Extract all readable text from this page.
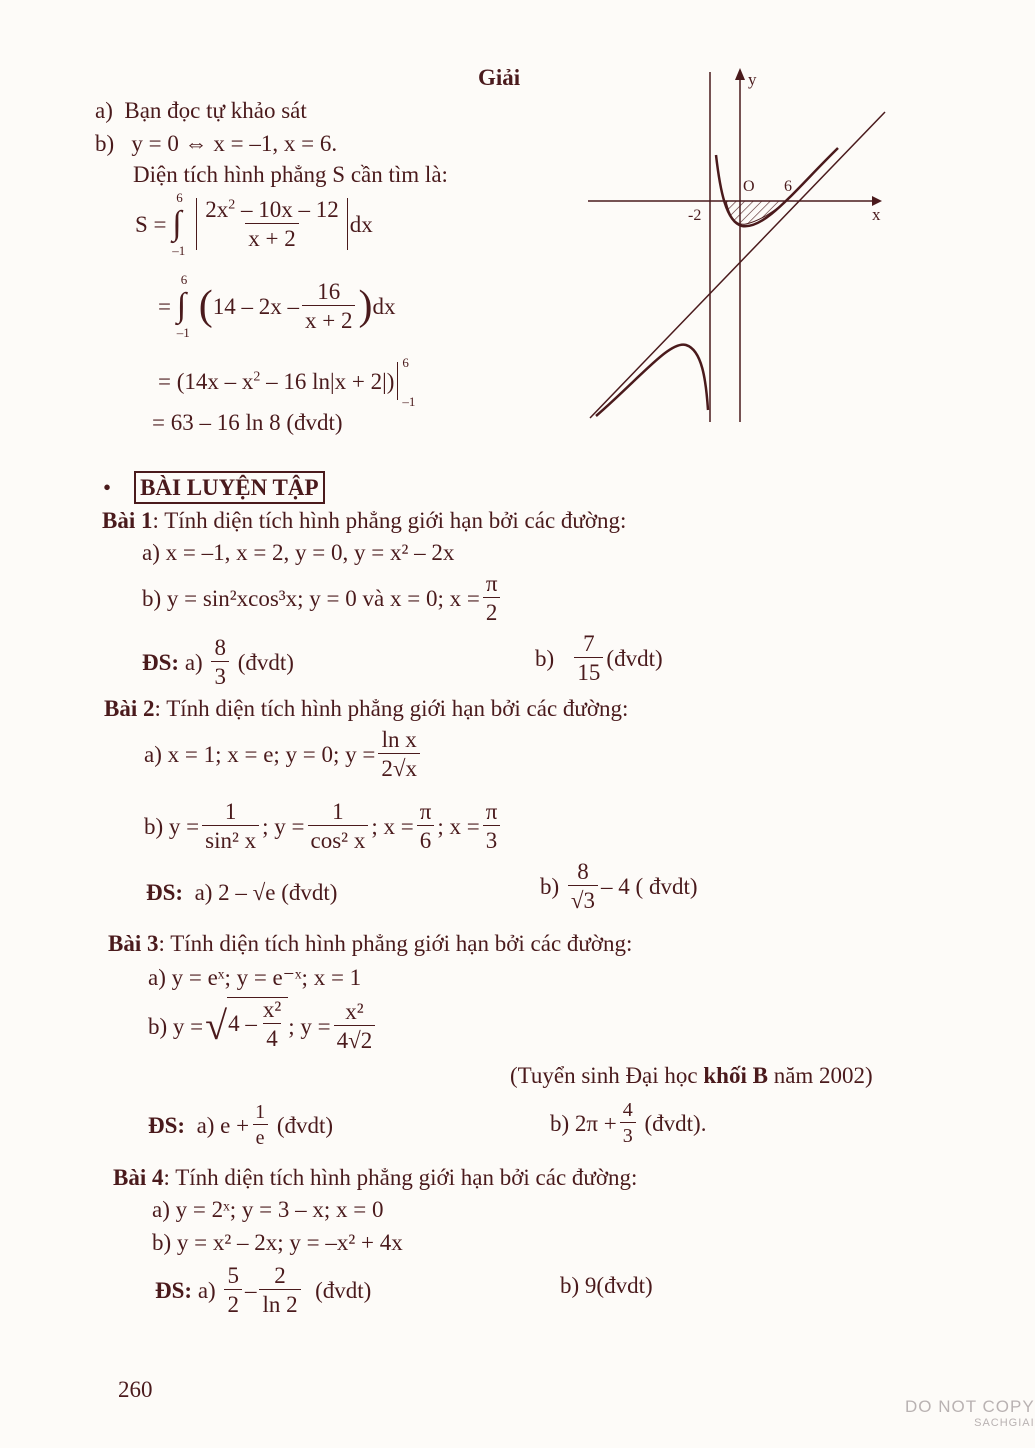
Giải
a) Bạn đọc tự khảo sát
b) y = 0 ⇔ x = –1, x = 6.
Diện tích hình phẳng S cần tìm là:
S = ∫
6
–1
$\frac{2x^2 - 10x - 12}{x + 2}$ dx
= ∫
6
–1
( $14 - 2x - \frac{16}{x + 2}$ ) dx
= ($14x - x^2 - 16$ ln|x + 2|)
6
–1
= 63 – 16 ln 8 (đvdt)
y
x
O 6
-2
• BÀI LUYỆN TẬP
Bài 1: Tính diện tích hình phẳng giới hạn bởi các đường:
a) x = –1, x = 2, y = 0, y = x² – 2x
b) y = sin²xcos³x; y = 0 và x = 0; $x = \frac{\pi}{2}$
ĐS:
a)
$\frac{8}{3}$
(đvdt)	b)
$\frac{7}{15}$ (đvdt)
Bài 2: Tính diện tích hình phẳng giới hạn bởi các đường:
a) x = 1; x = e; y = 0; $y = \frac{\text{ln x}}{2√x}$
b) $y = \frac{1}{\text{sin² x}}$ ; $y = \frac{1}{\text{cos² x}}$ ; $x = \frac{\pi}{6}$ ; $x = \frac{\pi}{3}$
ĐS: a) 2 – √e (đvdt)	b)
$\frac{8}{√3} - 4$ ( đvdt)
Bài 3: Tính diện tích hình phẳng giới hạn bởi các đường:
a) y = eˣ; y = e⁻ˣ; x = 1
b) y = √ $4 - \frac{\text{x²}}{4}$ ; $y = \frac{\text{x²}}{4√2}$
(Tuyển sinh Đại học khối B năm 2002)
ĐS:
a) $e + \frac{1}{e}$
(đvdt)	b) $2\pi + \frac{4}{3}$
(đvdt).
Bài 4: Tính diện tích hình phẳng giới hạn bởi các đường:
a) y = 2ˣ; y = 3 – x; x = 0
b) y = x² – 2x; y = –x² + 4x
ĐS:
a)
$\frac{5}{2} - \frac{2}{\ln 2}$
(đvdt)	b) 9(đvdt)
260
DO NOT COPY
SACHGIAI
